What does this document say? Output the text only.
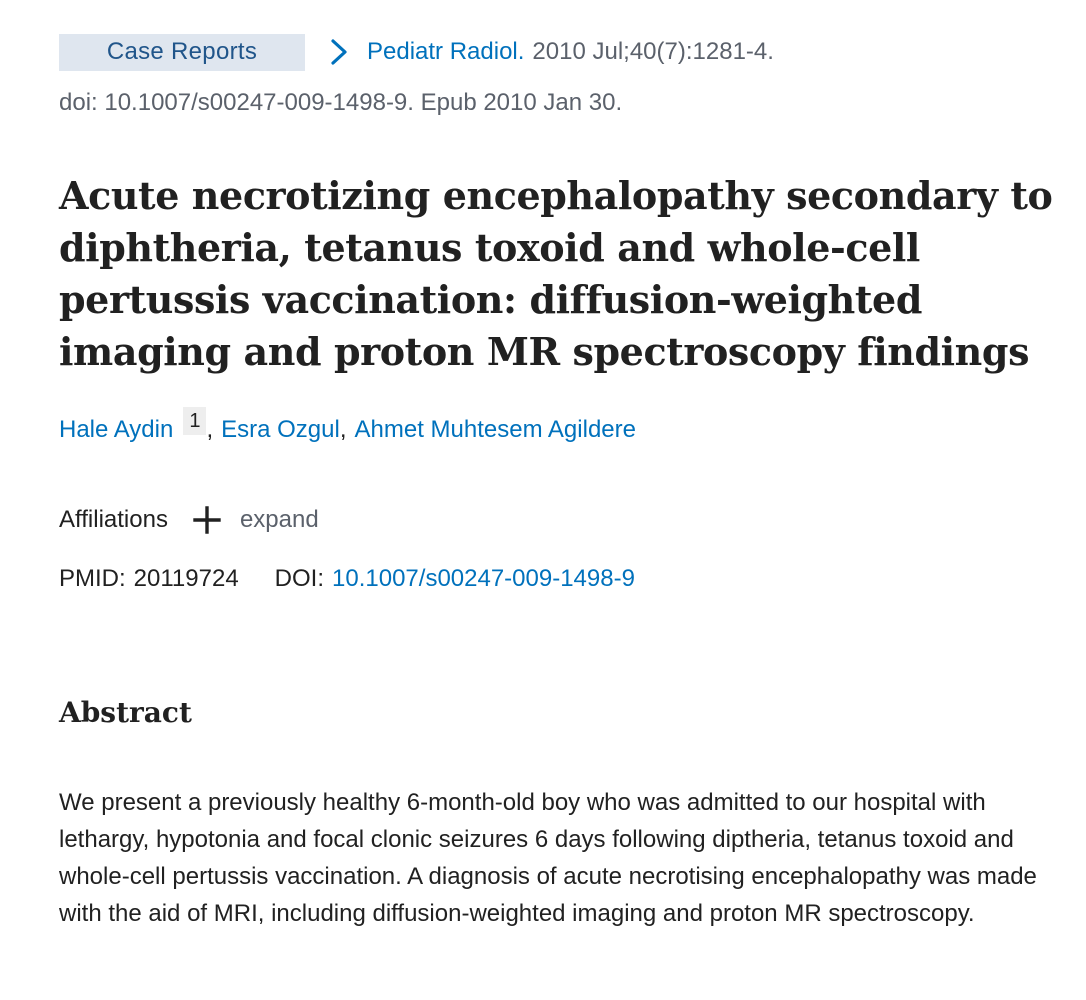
Case Reports	Pediatr Radiol. 2010 Jul;40(7):1281-4.
doi: 10.1007/s00247-009-1498-9. Epub 2010 Jan 30.
Acute necrotizing encephalopathy secondary to diphtheria, tetanus toxoid and whole-cell pertussis vaccination: diffusion-weighted imaging and proton MR spectroscopy findings
Hale Aydin 1 , Esra Ozgul , Ahmet Muhtesem Agildere
Affiliations	expand
PMID: 20119724 DOI: 10.1007/s00247-009-1498-9
Abstract

We present a previously healthy 6-month-old boy who was admitted to our hospital with lethargy, hypotonia and focal clonic seizures 6 days following diptheria, tetanus toxoid and whole-cell pertussis vaccination. A diagnosis of acute necrotising encephalopathy was made with the aid of MRI, including diffusion-weighted imaging and proton MR spectroscopy.
